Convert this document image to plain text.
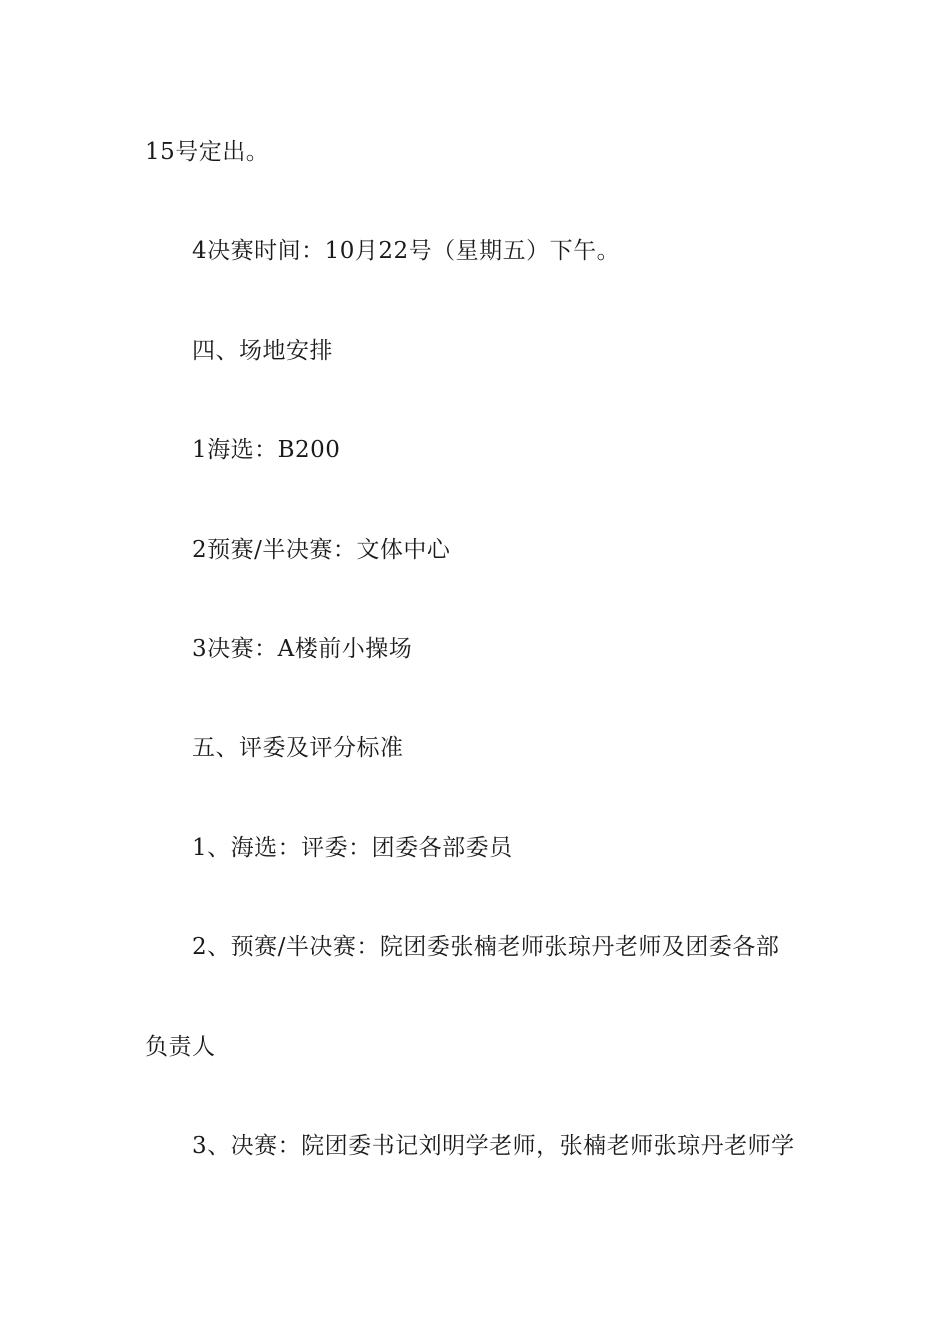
15号定出。
4决赛时间：10月22号（星期五）下午。
四、场地安排
1海选：B200
2预赛/半决赛：文体中心
3决赛：A楼前小操场
五、评委及评分标准
1、海选：评委：团委各部委员
2、预赛/半决赛：院团委张楠老师张琼丹老师及团委各部
负责人
3、决赛：院团委书记刘明学老师，张楠老师张琼丹老师学
